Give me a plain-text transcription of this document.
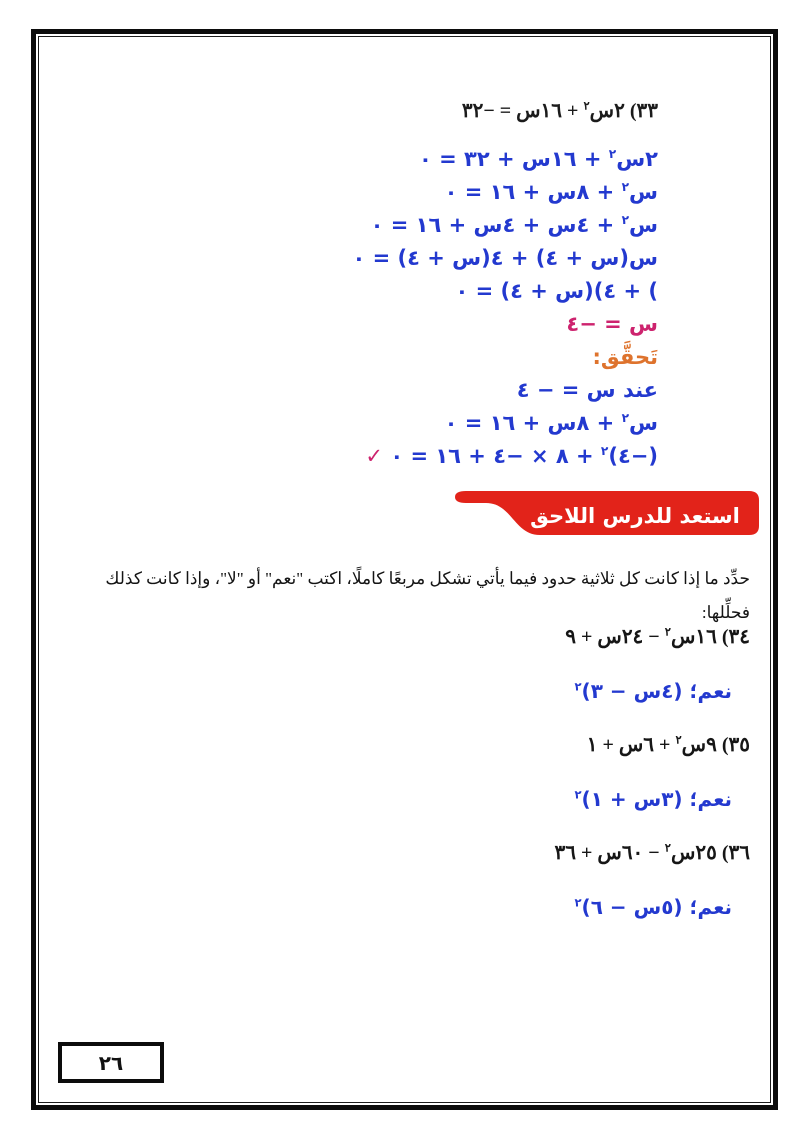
٣٣) ٢س$^٢$ + ١٦س = −٣٢
٢س$^٢$ + ١٦س + ٣٢ = ٠
س$^٢$ + ٨س + ١٦ = ٠
س$^٢$ + ٤س + ٤س + ١٦ = ٠
س(س + ٤) + ٤(س + ٤) = ٠
) + ٤)(س + ٤) = ٠
س = −٤
تَحقَّق:
عند س = − ٤
س$^٢$ + ٨س + ١٦ = ٠
(−٤)$^٢$ + ٨ × −٤ + ١٦ = ٠ ✓
استعد للدرس اللاحق
حدِّد ما إذا كانت كل ثلاثية حدود فيما يأتي تشكل مربعًا كاملًا، اكتب "نعم" أو "لا"، وإذا كانت كذلك فحلِّلها:
٣٤) ١٦س$^٢$ − ٢٤س + ٩
نعم؛ (٤س − ٣)$^٢$
٣٥) ٩س$^٢$ + ٦س + ١
نعم؛ (٣س + ١)$^٢$
٣٦) ٢٥س$^٢$ − ٦٠س + ٣٦
نعم؛ (٥س − ٦)$^٢$
٢٦
